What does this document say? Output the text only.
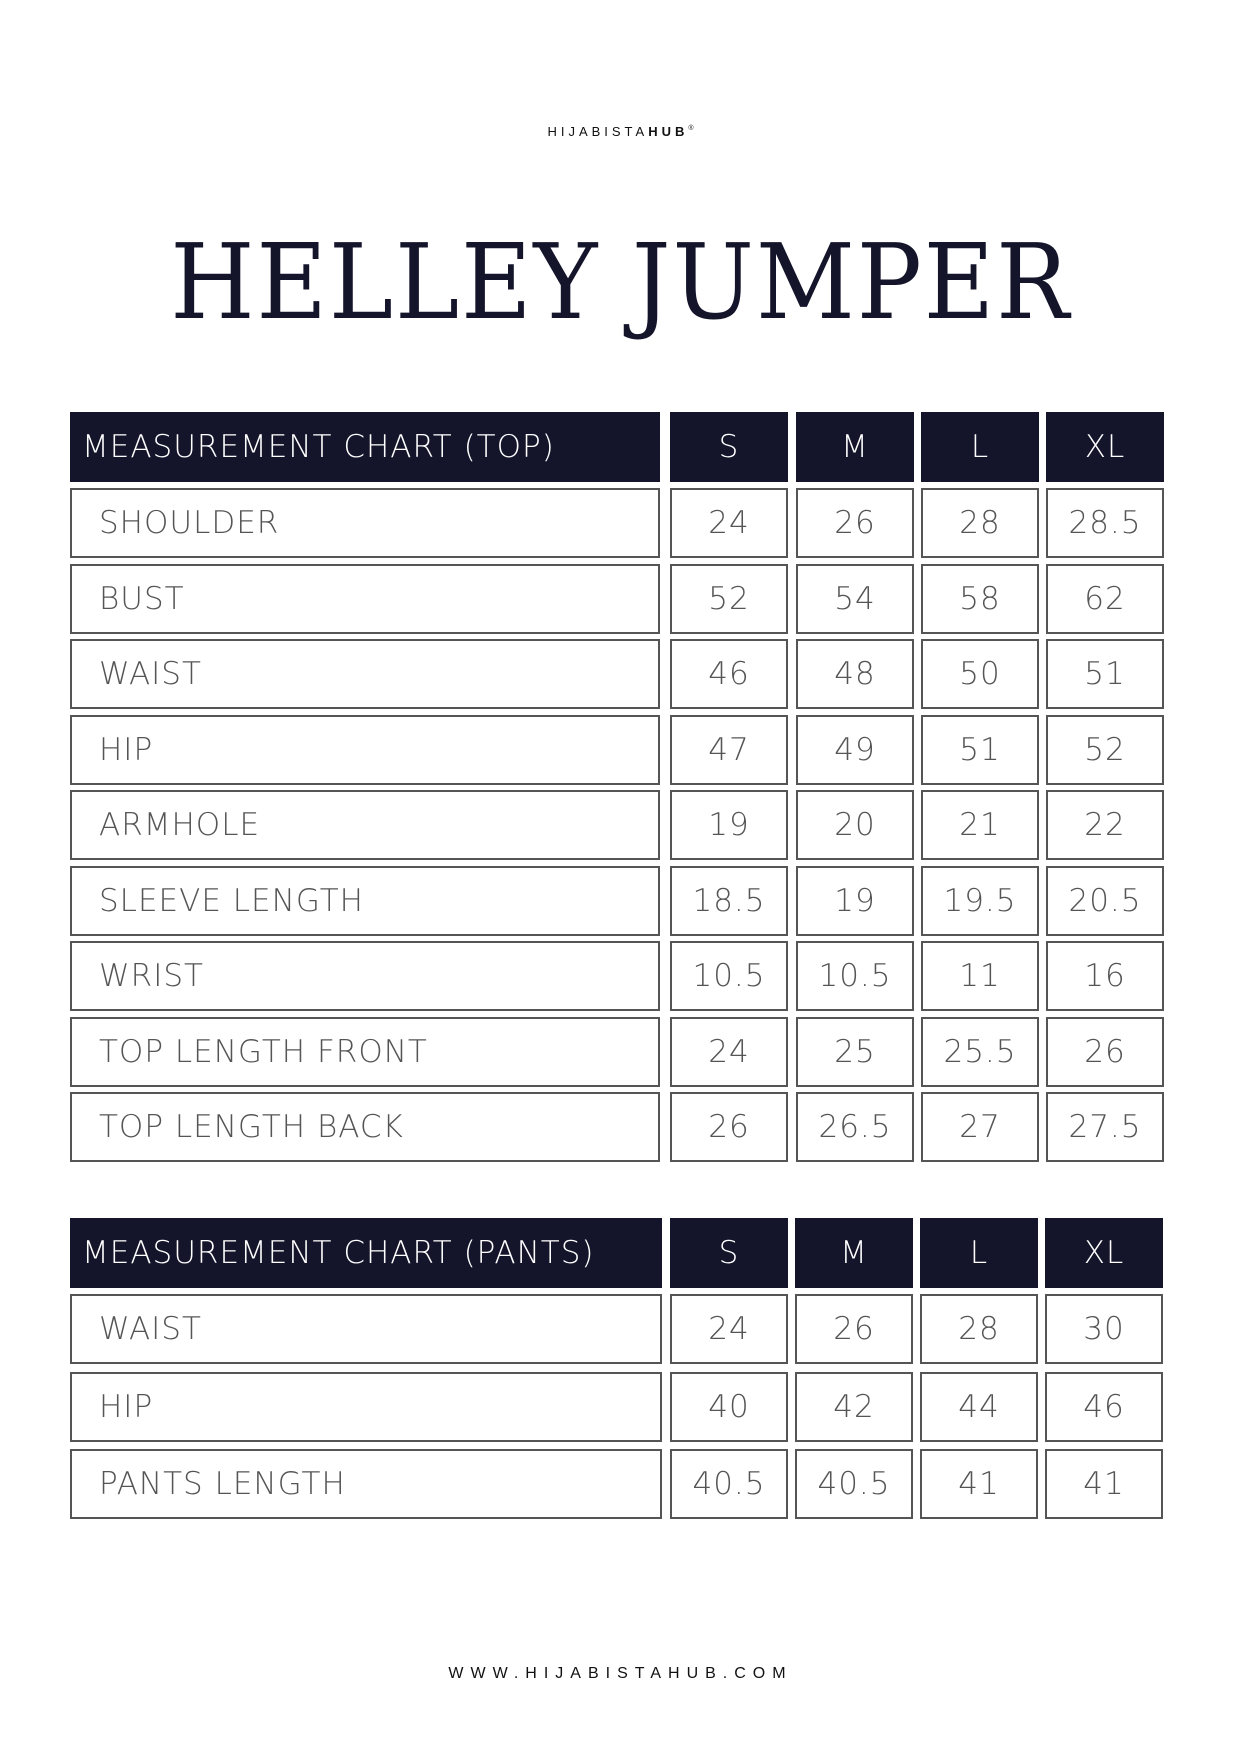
HIJABISTAHUB®
HELLEY JUMPER
MEASUREMENT CHART (TOP)	S	M	L	XL
SHOULDER	24	26	28	28.5
BUST	52	54	58	62
WAIST	46	48	50	51
HIP	47	49	51	52
ARMHOLE	19	20	21	22
SLEEVE LENGTH	18.5	19	19.5	20.5
WRIST	10.5	10.5	11	16
TOP LENGTH FRONT	24	25	25.5	26
TOP LENGTH BACK	26	26.5	27	27.5
MEASUREMENT CHART (PANTS)	S	M	L	XL
WAIST	24	26	28	30
HIP	40	42	44	46
PANTS LENGTH	40.5	40.5	41	41
WWW.HIJABISTAHUB.COM
